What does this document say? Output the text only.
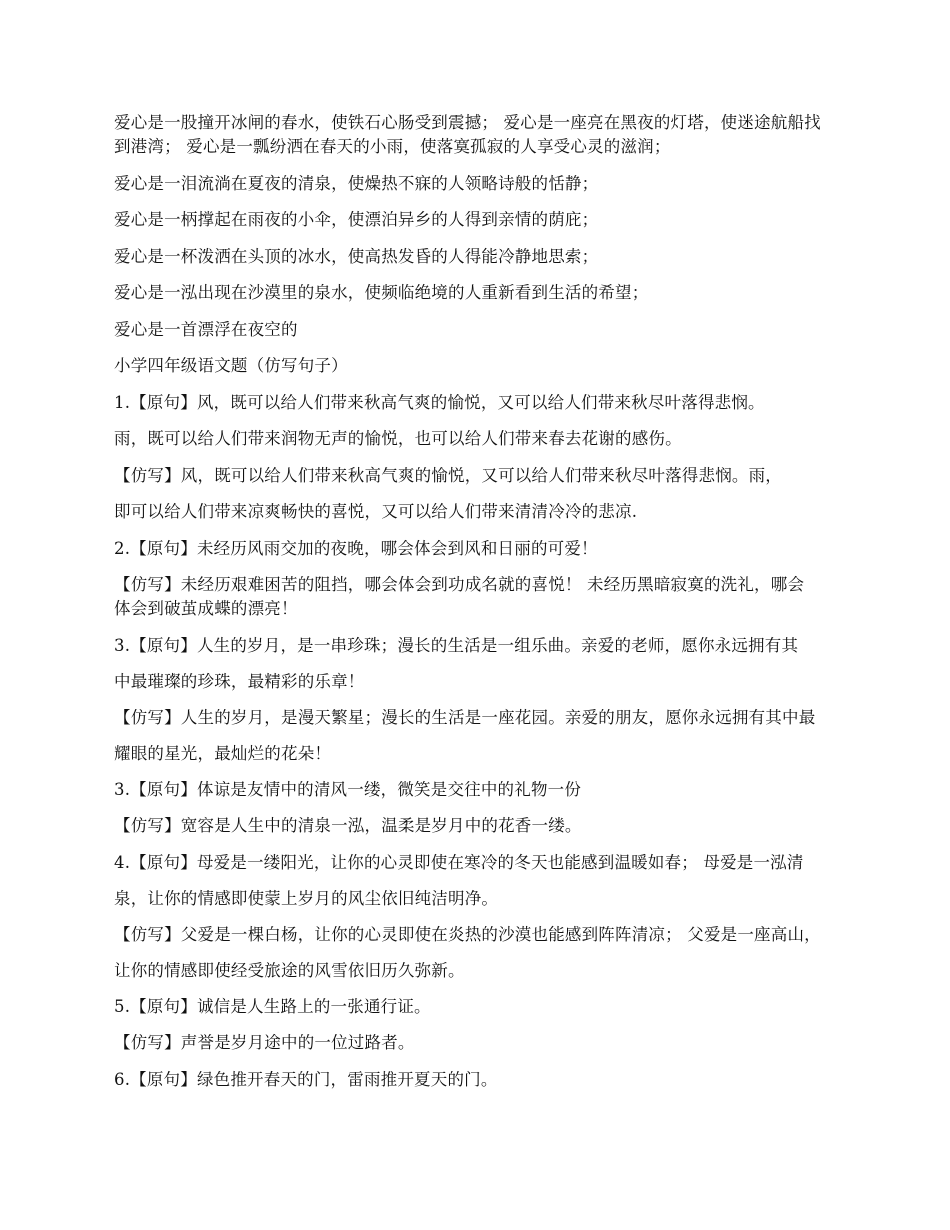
爱心是一股撞开冰闸的春水，使铁石心肠受到震撼； 爱心是一座亮在黑夜的灯塔，使迷途航船找到港湾； 爱心是一瓢纷洒在春天的小雨，使落寞孤寂的人享受心灵的滋润；

爱心是一泪流淌在夏夜的清泉，使燥热不寐的人领略诗般的恬静；

爱心是一柄撑起在雨夜的小伞，使漂泊异乡的人得到亲情的荫庇；

爱心是一杯泼洒在头顶的冰水，使高热发昏的人得能冷静地思索；

爱心是一泓出现在沙漠里的泉水，使频临绝境的人重新看到生活的希望；

爱心是一首漂浮在夜空的

小学四年级语文题（仿写句子）

1.【原句】风，既可以给人们带来秋高气爽的愉悦，又可以给人们带来秋尽叶落得悲悯。

雨，既可以给人们带来润物无声的愉悦，也可以给人们带来春去花谢的感伤。

【仿写】风，既可以给人们带来秋高气爽的愉悦，又可以给人们带来秋尽叶落得悲悯。雨，

即可以给人们带来凉爽畅快的喜悦，又可以给人们带来清清冷冷的悲凉.

2.【原句】未经历风雨交加的夜晚，哪会体会到风和日丽的可爱！

【仿写】未经历艰难困苦的阻挡，哪会体会到功成名就的喜悦！ 未经历黑暗寂寞的洗礼，哪会体会到破茧成蝶的漂亮！

3.【原句】人生的岁月，是一串珍珠；漫长的生活是一组乐曲。亲爱的老师，愿你永远拥有其中最璀璨的珍珠，最精彩的乐章！

【仿写】人生的岁月，是漫天繁星；漫长的生活是一座花园。亲爱的朋友，愿你永远拥有其中最耀眼的星光，最灿烂的花朵！

3.【原句】体谅是友情中的清风一缕，微笑是交往中的礼物一份

【仿写】宽容是人生中的清泉一泓，温柔是岁月中的花香一缕。

4.【原句】母爱是一缕阳光，让你的心灵即使在寒冷的冬天也能感到温暖如春； 母爱是一泓清泉，让你的情感即使蒙上岁月的风尘依旧纯洁明净。

【仿写】父爱是一棵白杨，让你的心灵即使在炎热的沙漠也能感到阵阵清凉； 父爱是一座高山，让你的情感即使经受旅途的风雪依旧历久弥新。

5.【原句】诚信是人生路上的一张通行证。

【仿写】声誉是岁月途中的一位过路者。

6.【原句】绿色推开春天的门，雷雨推开夏天的门。
